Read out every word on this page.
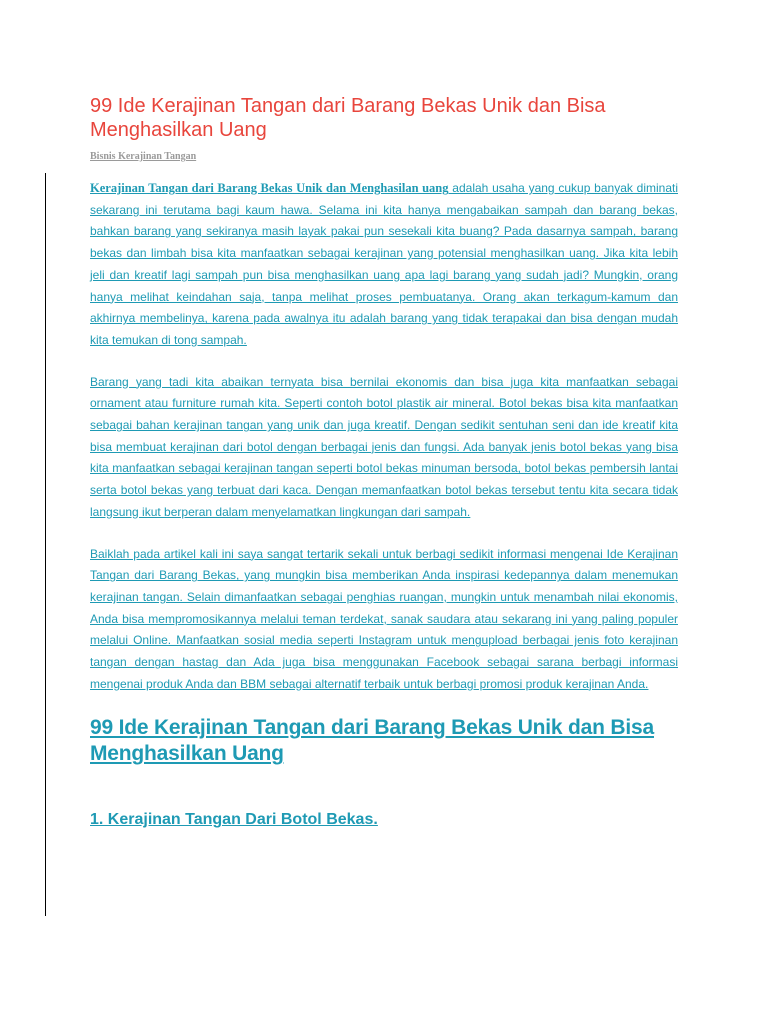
99 Ide Kerajinan Tangan dari Barang Bekas Unik dan Bisa Menghasilkan Uang
Bisnis Kerajinan Tangan

Kerajinan Tangan dari Barang Bekas Unik dan Menghasilan uang adalah usaha yang cukup banyak diminati sekarang ini terutama bagi kaum hawa. Selama ini kita hanya mengabaikan sampah dan barang bekas, bahkan barang yang sekiranya masih layak pakai pun sesekali kita buang? Pada dasarnya sampah, barang bekas dan limbah bisa kita manfaatkan sebagai kerajinan yang potensial menghasilkan uang. Jika kita lebih jeli dan kreatif lagi sampah pun bisa menghasilkan uang apa lagi barang yang sudah jadi? Mungkin, orang hanya melihat keindahan saja, tanpa melihat proses pembuatanya. Orang akan terkagum-kamum dan akhirnya membelinya, karena pada awalnya itu adalah barang yang tidak terapakai dan bisa dengan mudah kita temukan di tong sampah.

Barang yang tadi kita abaikan ternyata bisa bernilai ekonomis dan bisa juga kita manfaatkan sebagai ornament atau furniture rumah kita. Seperti contoh botol plastik air mineral. Botol bekas bisa kita manfaatkan sebagai bahan kerajinan tangan yang unik dan juga kreatif. Dengan sedikit sentuhan seni dan ide kreatif kita bisa membuat kerajinan dari botol dengan berbagai jenis dan fungsi. Ada banyak jenis botol bekas yang bisa kita manfaatkan sebagai kerajinan tangan seperti botol bekas minuman bersoda, botol bekas pembersih lantai serta botol bekas yang terbuat dari kaca. Dengan memanfaatkan botol bekas tersebut tentu kita secara tidak langsung ikut berperan dalam menyelamatkan lingkungan dari sampah.

Baiklah pada artikel kali ini saya sangat tertarik sekali untuk berbagi sedikit informasi mengenai Ide Kerajinan Tangan dari Barang Bekas, yang mungkin bisa memberikan Anda inspirasi kedepannya dalam menemukan kerajinan tangan. Selain dimanfaatkan sebagai penghias ruangan, mungkin untuk menambah nilai ekonomis, Anda bisa mempromosikannya melalui teman terdekat, sanak saudara atau sekarang ini yang paling populer melalui Online. Manfaatkan sosial media seperti Instagram untuk mengupload berbagai jenis foto kerajinan tangan dengan hastag dan Ada juga bisa menggunakan Facebook sebagai sarana berbagi informasi mengenai produk Anda dan BBM sebagai alternatif terbaik untuk berbagi promosi produk kerajinan Anda.

99 Ide Kerajinan Tangan dari Barang Bekas Unik dan Bisa Menghasilkan Uang
1. Kerajinan Tangan Dari Botol Bekas.
